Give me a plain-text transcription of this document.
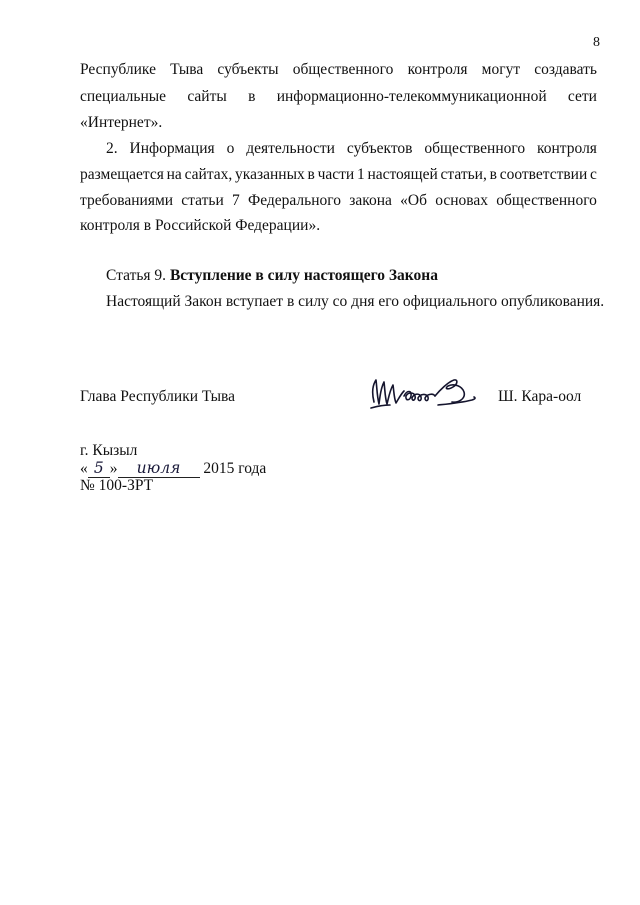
8
Республике Тыва субъекты общественного контроля могут создавать
специальные сайты в информационно-телекоммуникационной сети
«Интернет».
2. Информация о деятельности субъектов общественного контроля
размещается на сайтах, указанных в части 1 настоящей статьи, в соответствии с
требованиями статьи 7 Федерального закона «Об основах общественного
контроля в Российской Федерации».
Статья 9. Вступление в силу настоящего Закона
Настоящий Закон вступает в силу со дня его официального опубликования.
Глава Республики Тыва	Ш. Кара-оол
г. Кызыл
« 5 » июля 2015 года
№ 100-ЗРТ
